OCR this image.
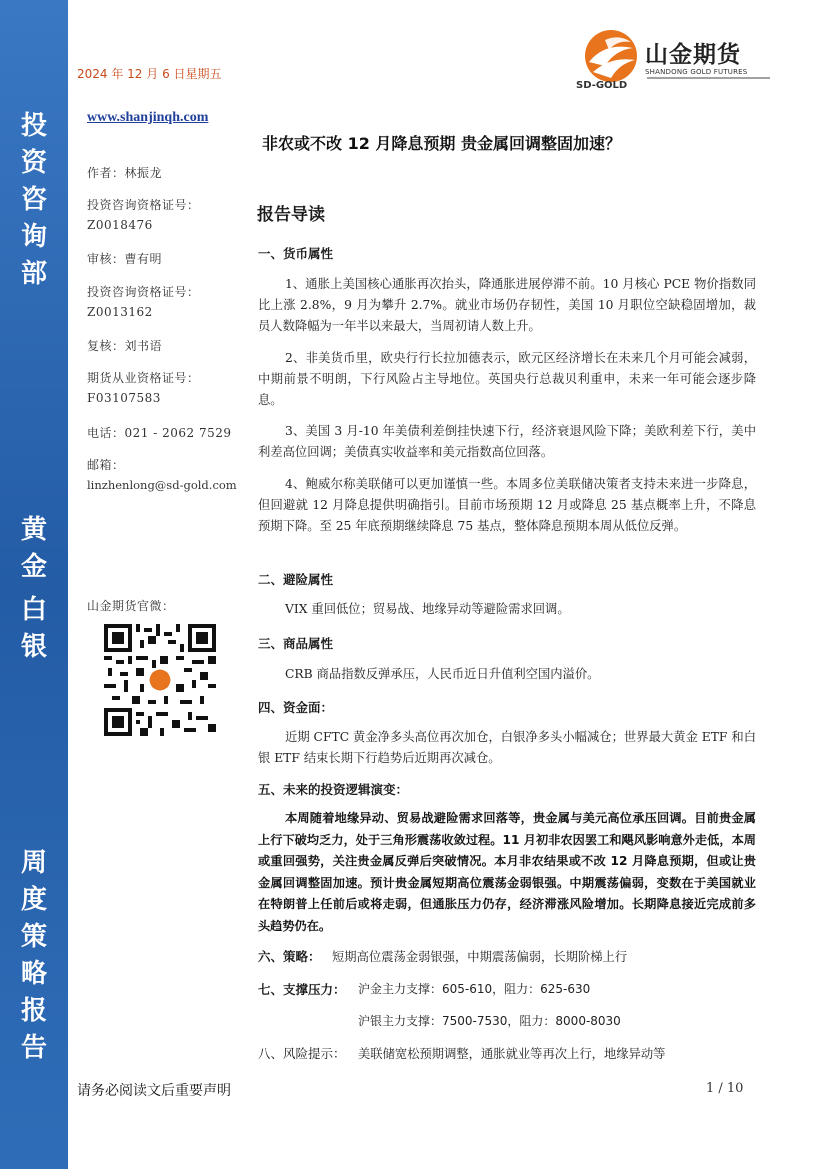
投
资
咨
询
部
黄
金
白
银
周
度
策
略
报
告
2024 年 12 月 6 日星期五
山金期货
SHANDONG GOLD FUTURES
SD-GOLD
www.shanjinqh.com
作者：林振龙
投资咨询资格证号：
Z0018476
审核：曹有明
投资咨询资格证号：
Z0013162
复核：刘书语
期货从业资格证号：
F03107583
电话：021 - 2062 7529
邮箱：
linzhenlong@sd-gold.com
山金期货官微：
非农或不改 12 月降息预期 贵金属回调整固加速？
报告导读
一、货币属性
1、通胀上美国核心通胀再次抬头，降通胀进展停滞不前。10 月核心 PCE 物价指数同比上涨 2.8%，9 月为攀升 2.7%。就业市场仍存韧性，美国 10 月职位空缺稳固增加，裁员人数降幅为一年半以来最大，当周初请人数上升。
2、非美货币里，欧央行行长拉加德表示，欧元区经济增长在未来几个月可能会减弱，中期前景不明朗，下行风险占主导地位。英国央行总裁贝利重申，未来一年可能会逐步降息。
3、美国 3 月-10 年美债利差倒挂快速下行，经济衰退风险下降；美欧利差下行，美中利差高位回调；美债真实收益率和美元指数高位回落。
4、鲍威尔称美联储可以更加谨慎一些。本周多位美联储决策者支持未来进一步降息，但回避就 12 月降息提供明确指引。目前市场预期 12 月或降息 25 基点概率上升，不降息预期下降。至 25 年底预期继续降息 75 基点，整体降息预期本周从低位反弹。
二、避险属性
VIX 重回低位；贸易战、地缘异动等避险需求回调。
三、商品属性
CRB 商品指数反弹承压，人民币近日升值利空国内溢价。
四、资金面：
近期 CFTC 黄金净多头高位再次加仓，白银净多头小幅减仓；世界最大黄金 ETF 和白银 ETF 结束长期下行趋势后近期再次减仓。
五、未来的投资逻辑演变：
本周随着地缘异动、贸易战避险需求回落等，贵金属与美元高位承压回调。目前贵金属上行下破均乏力，处于三角形震荡收敛过程。11 月初非农因罢工和飓风影响意外走低，本周或重回强势，关注贵金属反弹后突破情况。本月非农结果或不改 12 月降息预期，但或让贵金属回调整固加速。预计贵金属短期高位震荡金弱银强。中期震荡偏弱，变数在于美国就业在特朗普上任前后或将走弱，但通胀压力仍存，经济滞涨风险增加。长期降息接近完成前多头趋势仍在。
六、策略： 短期高位震荡金弱银强，中期震荡偏弱，长期阶梯上行
七、支撑压力： 沪金主力支撑：605-610，阻力：625-630
沪银主力支撑：7500-7530，阻力：8000-8030
八、风险提示： 美联储宽松预期调整，通胀就业等再次上行，地缘异动等
请务必阅读文后重要声明	1 / 10
